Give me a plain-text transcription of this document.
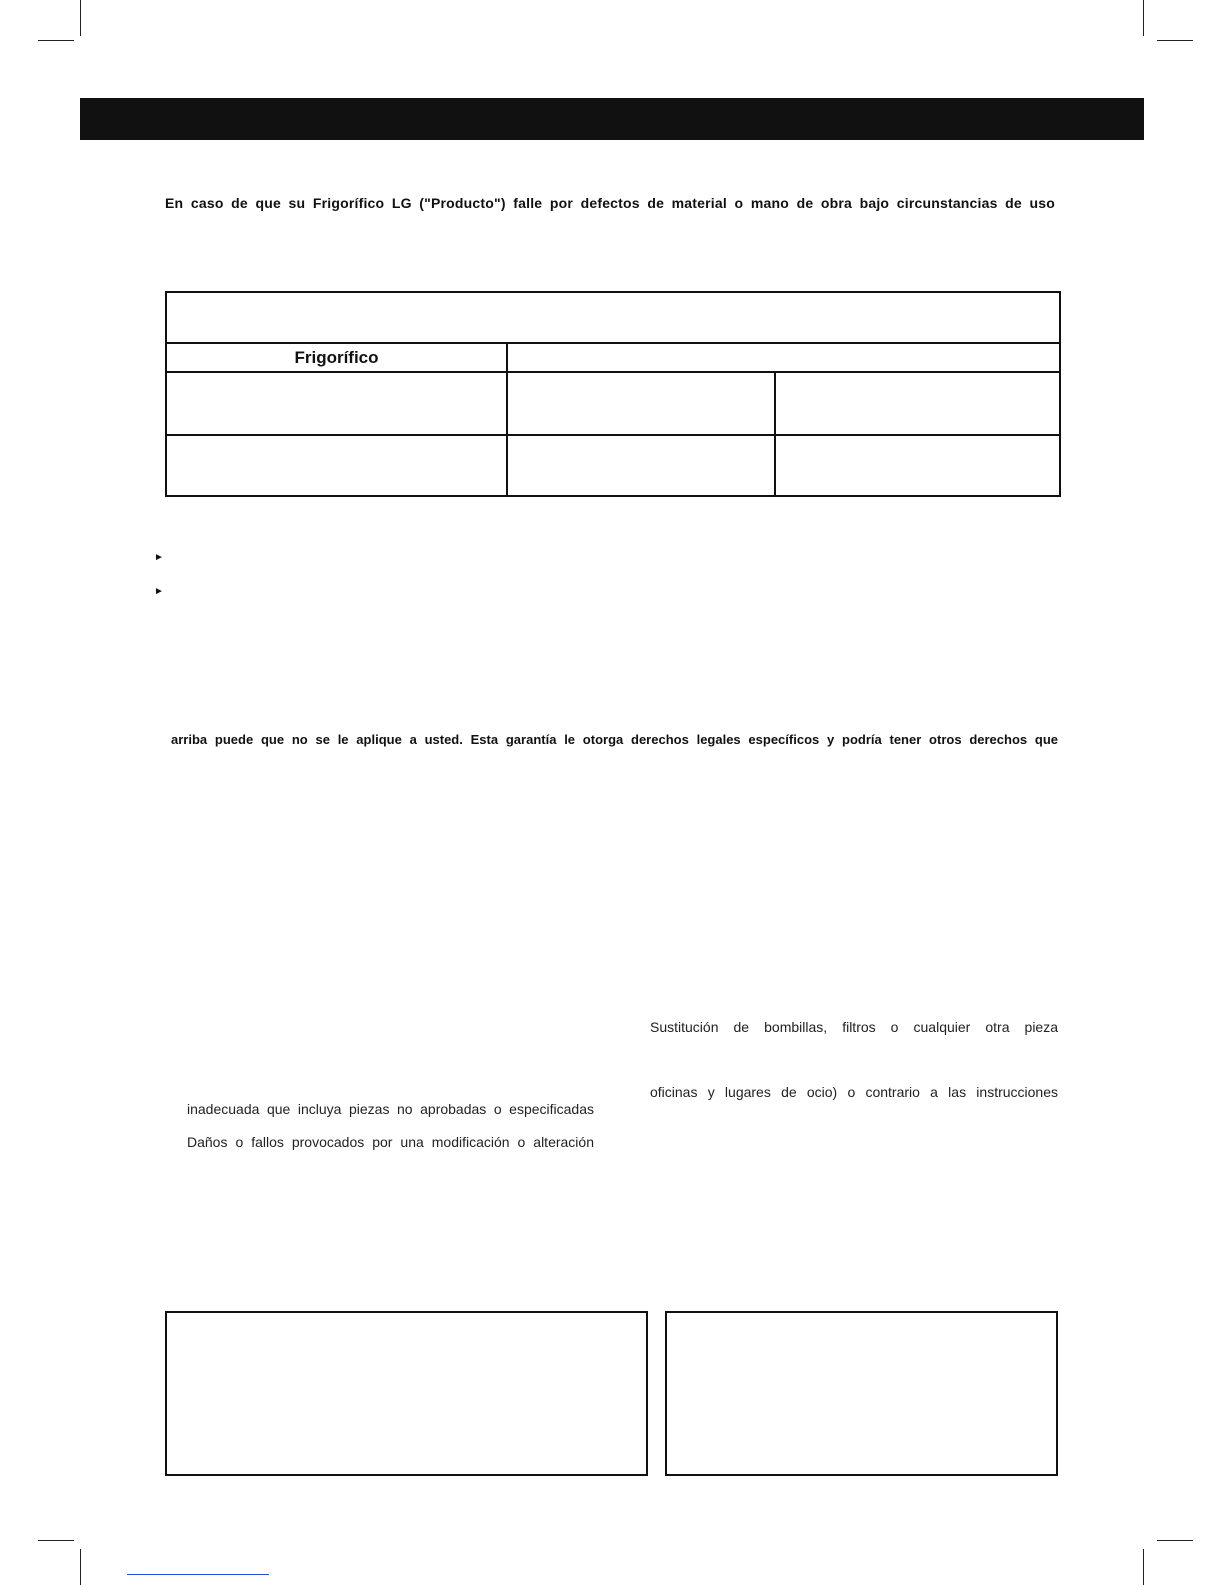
En caso de que su Frigorífico LG ("Producto") falle por defectos de material o mano de obra bajo circunstancias de uso
Frigorífico
►
►
arriba puede que no se le aplique a usted. Esta garantía le otorga derechos legales específicos y podría tener otros derechos que
inadecuada que incluya piezas no aprobadas o especificadas
Daños o fallos provocados por una modificación o alteración
Sustitución de bombillas, filtros o cualquier otra pieza
oficinas y lugares de ocio) o contrario a las instrucciones
